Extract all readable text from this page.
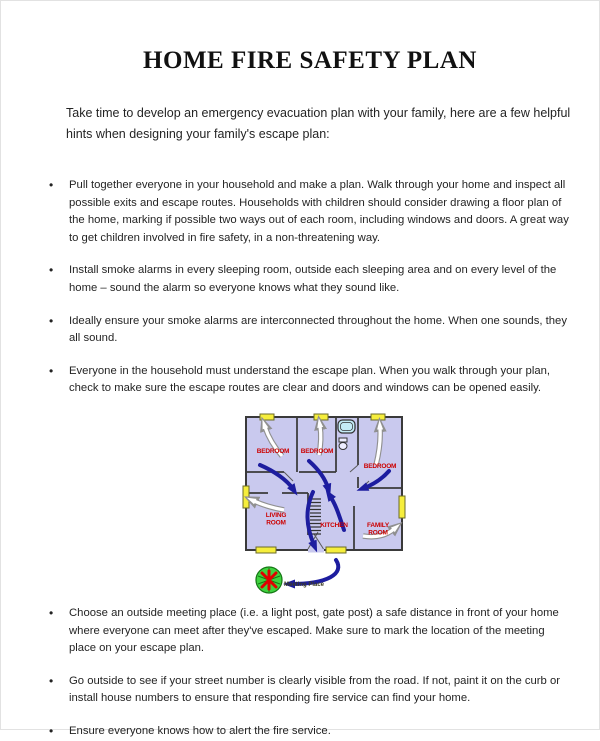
HOME FIRE SAFETY PLAN

Take time to develop an emergency evacuation plan with your family, here are a few helpful hints when designing your family's escape plan:

• Pull together everyone in your household and make a plan. Walk through your home and inspect all possible exits and escape routes. Households with children should consider drawing a floor plan of the home, marking if possible two ways out of each room, including windows and doors. A great way to get children involved in fire safety, in a non-threatening way.
• Install smoke alarms in every sleeping room, outside each sleeping area and on every level of the home – sound the alarm so everyone knows what they sound like.
• Ideally ensure your smoke alarms are interconnected throughout the home. When one sounds, they all sound.
• Everyone in the household must understand the escape plan. When you walk through your plan, check to make sure the escape routes are clear and doors and windows can be opened easily.
BEDROOM BEDROOM
BEDROOM
LIVING ROOM	KITCHEN FAMILY ROOM
Meeting Place
• Choose an outside meeting place (i.e. a light post, gate post) a safe distance in front of your home where everyone can meet after they've escaped. Make sure to mark the location of the meeting place on your escape plan.
• Go outside to see if your street number is clearly visible from the road. If not, paint it on the curb or install house numbers to ensure that responding fire service can find your home.
• Ensure everyone knows how to alert the fire service.
